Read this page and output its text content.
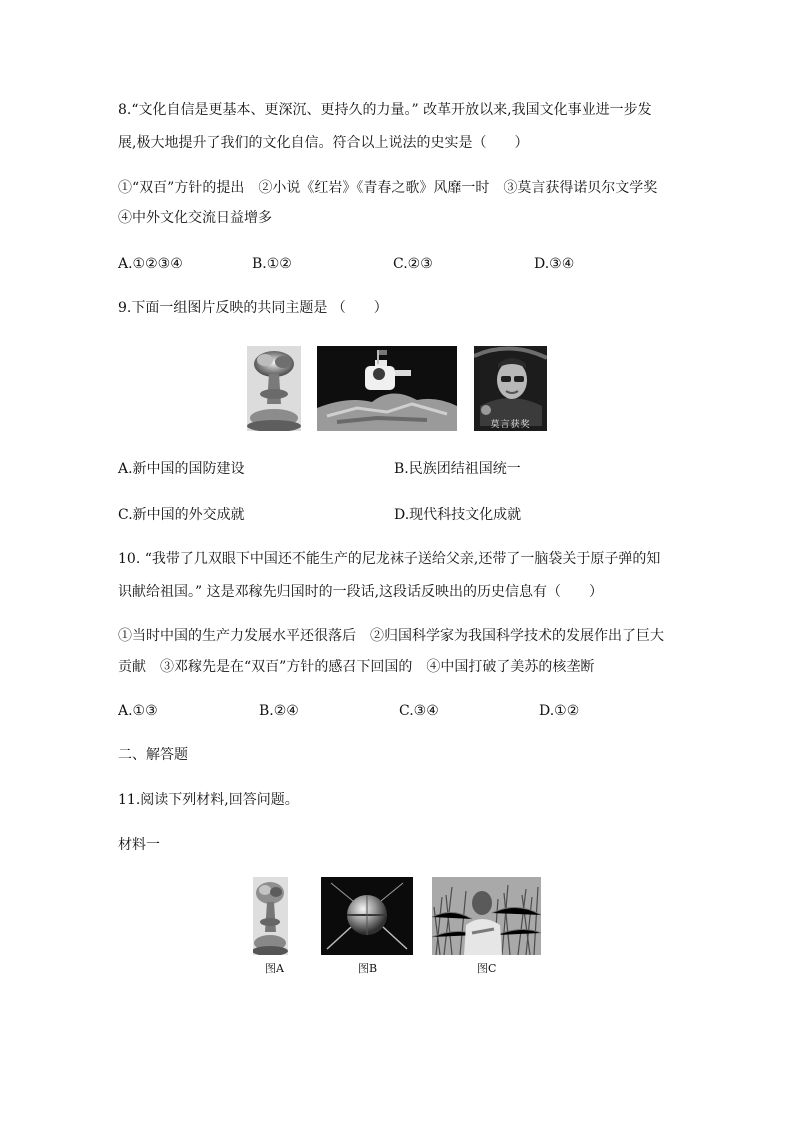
8.“文化自信是更基本、更深沉、更持久的力量。” 改革开放以来,我国文化事业进一步发
展,极大地提升了我们的文化自信。符合以上说法的史实是（　　）
①“双百”方针的提出　②小说《红岩》《青春之歌》风靡一时　③莫言获得诺贝尔文学奖
④中外文化交流日益增多
A.①②③④	B.①②	C.②③	D.③④
9.下面一组图片反映的共同主题是 （　　）
莫言获奖
A.新中国的国防建设	B.民族团结祖国统一
C.新中国的外交成就	D.现代科技文化成就
10. “我带了几双眼下中国还不能生产的尼龙袜子送给父亲,还带了一脑袋关于原子弹的知
识献给祖国。” 这是邓稼先归国时的一段话,这段话反映出的历史信息有（　　）
①当时中国的生产力发展水平还很落后　②归国科学家为我国科学技术的发展作出了巨大
贡献　③邓稼先是在“双百”方针的感召下回国的　④中国打破了美苏的核垄断
A.①③	B.②④	C.③④	D.①②
二、解答题
11.阅读下列材料,回答问题。
材料一
图A	图B	图C
